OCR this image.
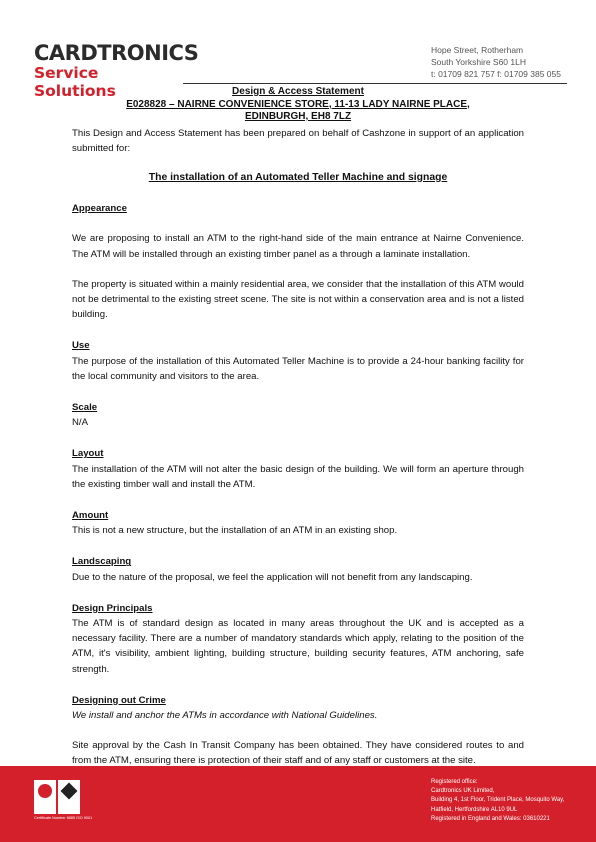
CARDTRONICS
Service Solutions
Hope Street, Rotherham
South Yorkshire S60 1LH
t: 01709 821 757 f: 01709 385 055
Design & Access Statement
E028828 – NAIRNE CONVENIENCE STORE, 11-13 LADY NAIRNE PLACE,
EDINBURGH, EH8 7LZ
This Design and Access Statement has been prepared on behalf of Cashzone in support of an application submitted for:
The installation of an Automated Teller Machine and signage
Appearance
We are proposing to install an ATM to the right-hand side of the main entrance at Nairne Convenience. The ATM will be installed through an existing timber panel as a through a laminate installation.
The property is situated within a mainly residential area, we consider that the installation of this ATM would not be detrimental to the existing street scene. The site is not within a conservation area and is not a listed building.
Use
The purpose of the installation of this Automated Teller Machine is to provide a 24-hour banking facility for the local community and visitors to the area.
Scale
N/A
Layout
The installation of the ATM will not alter the basic design of the building. We will form an aperture through the existing timber wall and install the ATM.
Amount
This is not a new structure, but the installation of an ATM in an existing shop.
Landscaping
Due to the nature of the proposal, we feel the application will not benefit from any landscaping.
Design Principals
The ATM is of standard design as located in many areas throughout the UK and is accepted as a necessary facility. There are a number of mandatory standards which apply, relating to the position of the ATM, it's visibility, ambient lighting, building structure, building security features, ATM anchoring, safe strength.
Designing out Crime
We install and anchor the ATMs in accordance with National Guidelines.
Site approval by the Cash In Transit Company has been obtained. They have considered routes to and from the ATM, ensuring there is protection of their staff and of any staff or customers at the site.
Certificate Number 8885 ISO 9001
Registered office:
Cardtronics UK Limited,
Building 4, 1st Floor, Trident Place, Mosquito Way,
Hatfield, Hertfordshire AL10 9UL
Registered in England and Wales: 03610221
